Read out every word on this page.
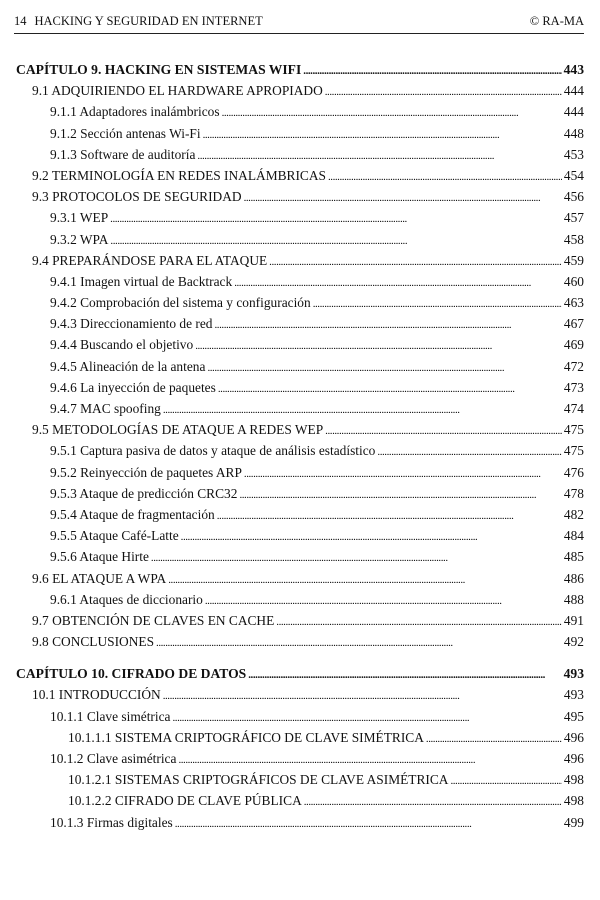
14 HACKING Y SEGURIDAD EN INTERNET	© RA-MA
CAPÍTULO 9. HACKING EN SISTEMAS WIFI . . .	443
9.1 ADQUIRIENDO EL HARDWARE APROPIADO . . .	444
9.1.1 Adaptadores inalámbricos . . .	444
9.1.2 Sección antenas Wi-Fi . . .	448
9.1.3 Software de auditoría . . .	453
9.2 TERMINOLOGÍA EN REDES INALÁMBRICAS . . .	454
9.3 PROTOCOLOS DE SEGURIDAD . . .	456
9.3.1 WEP . . .	457
9.3.2 WPA . . .	458
9.4 PREPARÁNDOSE PARA EL ATAQUE . . .	459
9.4.1 Imagen virtual de Backtrack . . .	460
9.4.2 Comprobación del sistema y configuración . . .	463
9.4.3 Direccionamiento de red . . .	467
9.4.4 Buscando el objetivo . . .	469
9.4.5 Alineación de la antena . . .	472
9.4.6 La inyección de paquetes . . .	473
9.4.7 MAC spoofing . . .	474
9.5 METODOLOGÍAS DE ATAQUE A REDES WEP . . .	475
9.5.1 Captura pasiva de datos y ataque de análisis estadístico . . .	475
9.5.2 Reinyección de paquetes ARP . . .	476
9.5.3 Ataque de predicción CRC32 . . .	478
9.5.4 Ataque de fragmentación . . .	482
9.5.5 Ataque Café-Latte . . .	484
9.5.6 Ataque Hirte . . .	485
9.6 EL ATAQUE A WPA . . .	486
9.6.1 Ataques de diccionario . . .	488
9.7 OBTENCIÓN DE CLAVES EN CACHE . . .	491
9.8 CONCLUSIONES . . .	492
CAPÍTULO 10. CIFRADO DE DATOS . . .	493
10.1 INTRODUCCIÓN . . .	493
10.1.1 Clave simétrica . . .	495
10.1.1.1 SISTEMA CRIPTOGRÁFICO DE CLAVE SIMÉTRICA . . .	496
10.1.2 Clave asimétrica . . .	496
10.1.2.1 SISTEMAS CRIPTOGRÁFICOS DE CLAVE ASIMÉTRICA . . .	498
10.1.2.2 CIFRADO DE CLAVE PÚBLICA . . .	498
10.1.3 Firmas digitales . . .	499
